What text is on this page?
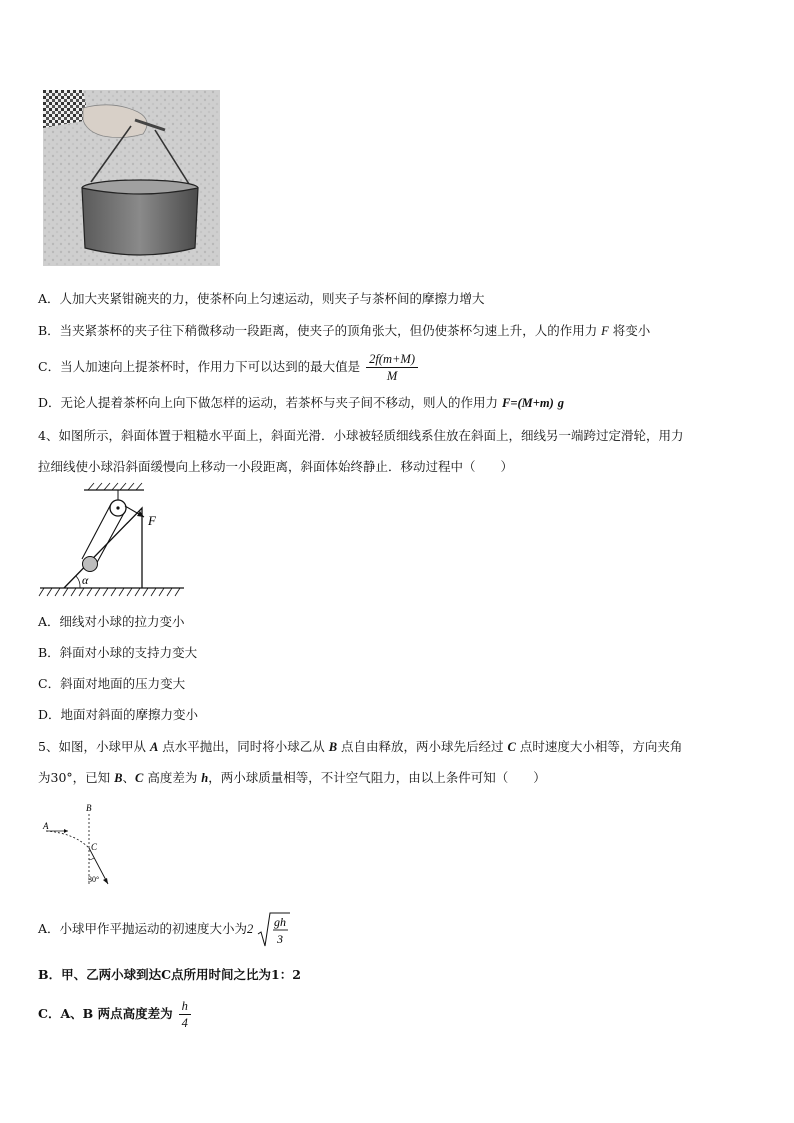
A．人加大夹紧钳碗夹的力，使茶杯向上匀速运动，则夹子与茶杯间的摩擦力增大
B．当夹紧茶杯的夹子往下稍微移动一段距离，使夹子的顶角张大，但仍使茶杯匀速上升，人的作用力 F 将变小
C．当人加速向上提茶杯时，作用力下可以达到的最大值是 $\frac{2f(m+M)}{M}$
D．无论人提着茶杯向上向下做怎样的运动，若茶杯与夹子间不移动，则人的作用力 F=(M+m) g
4、如图所示，斜面体置于粗糙水平面上，斜面光滑．小球被轻质细线系住放在斜面上，细线另一端跨过定滑轮，用力
拉细线使小球沿斜面缓慢向上移动一小段距离，斜面体始终静止．移动过程中（　　）
F
α
A．细线对小球的拉力变小
B．斜面对小球的支持力变大
C．斜面对地面的压力变大
D．地面对斜面的摩擦力变小
5、如图，小球甲从 A 点水平抛出，同时将小球乙从 B 点自由释放，两小球先后经过 C 点时速度大小相等，方向夹角
为30°，已知 B、C 高度差为 h，两小球质量相等，不计空气阻力，由以上条件可知（　　）
B
A
C
30°
A．小球甲作平抛运动的初速度大小为2
gh
3
B．甲、乙两小球到达C点所用时间之比为1：2
C．A、B 两点高度差为 $\frac{h}{4}$
